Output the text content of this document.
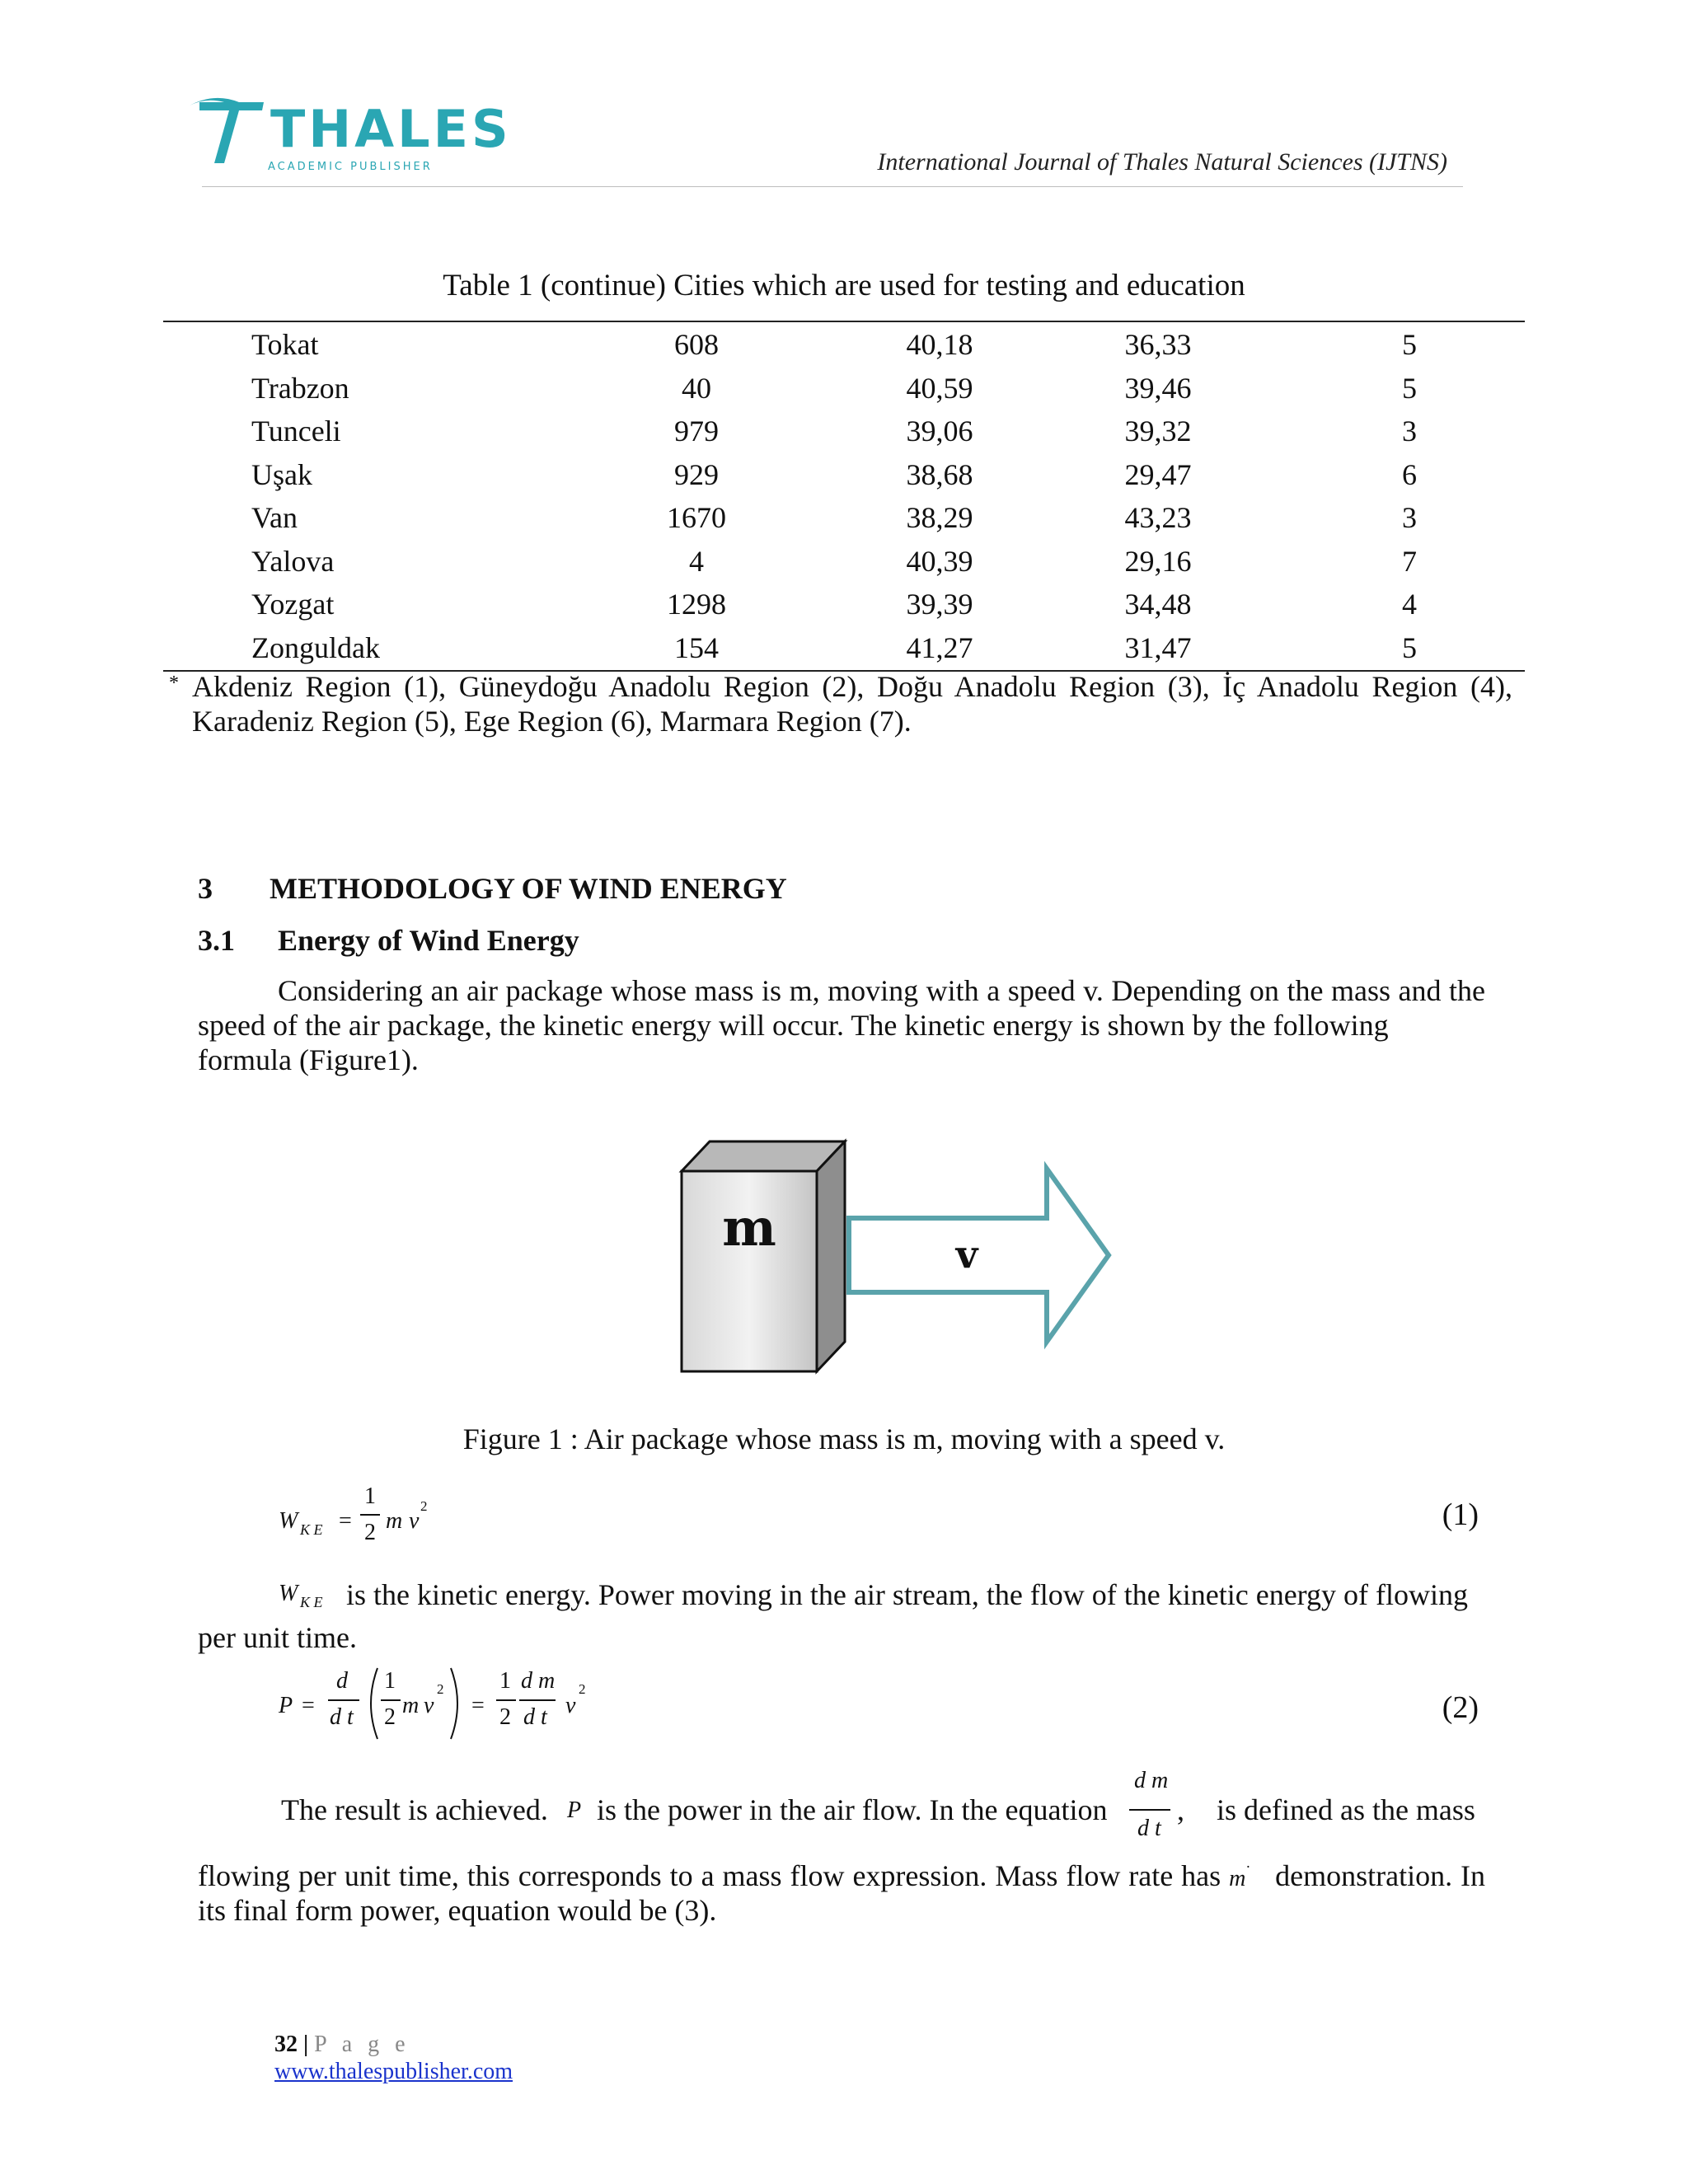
THALES
ACADEMIC PUBLISHER	International Journal of Thales Natural Sciences (IJTNS)
Table 1 (continue) Cities which are used for testing and education
Tokat	608	40,18	36,33	5
Trabzon	40	40,59	39,46	5
Tunceli	979	39,06	39,32	3
Uşak	929	38,68	29,47	6
Van	1670	38,29	43,23	3
Yalova	4	40,39	29,16	7
Yozgat	1298	39,39	34,48	4
Zonguldak	154	41,27	31,47	5
* Akdeniz Region (1), Güneydoğu Anadolu Region (2), Doğu Anadolu Region (3), İç Anadolu Region (4), Karadeniz Region (5), Ege Region (6), Marmara Region (7).
3 METHODOLOGY OF WIND ENERGY
3.1 Energy of Wind Energy
Considering an air package whose mass is m, moving with a speed v. Depending on the mass and the speed of the air package, the kinetic energy will occur. The kinetic energy is shown by the following
formula (Figure1).
m	v
Figure 1 : Air package whose mass is m, moving with a speed v.
W K E =
1
2 m v
2	(1)
W K E is the kinetic energy. Power moving in the air stream, the flow of the kinetic energy of flowing
per unit time.
P =
d
d t
1
2 m v
2
=
1
2
d m
d t v
2
(2)
The result is achieved. P is the power in the air flow. In the equation
d m
d t
, is defined as the mass
flowing per unit time, this corresponds to a mass flow expression. Mass flow rate has m
. demonstration. In
its final form power, equation would be (3).
32 | P a g e
www.thalespublisher.com
